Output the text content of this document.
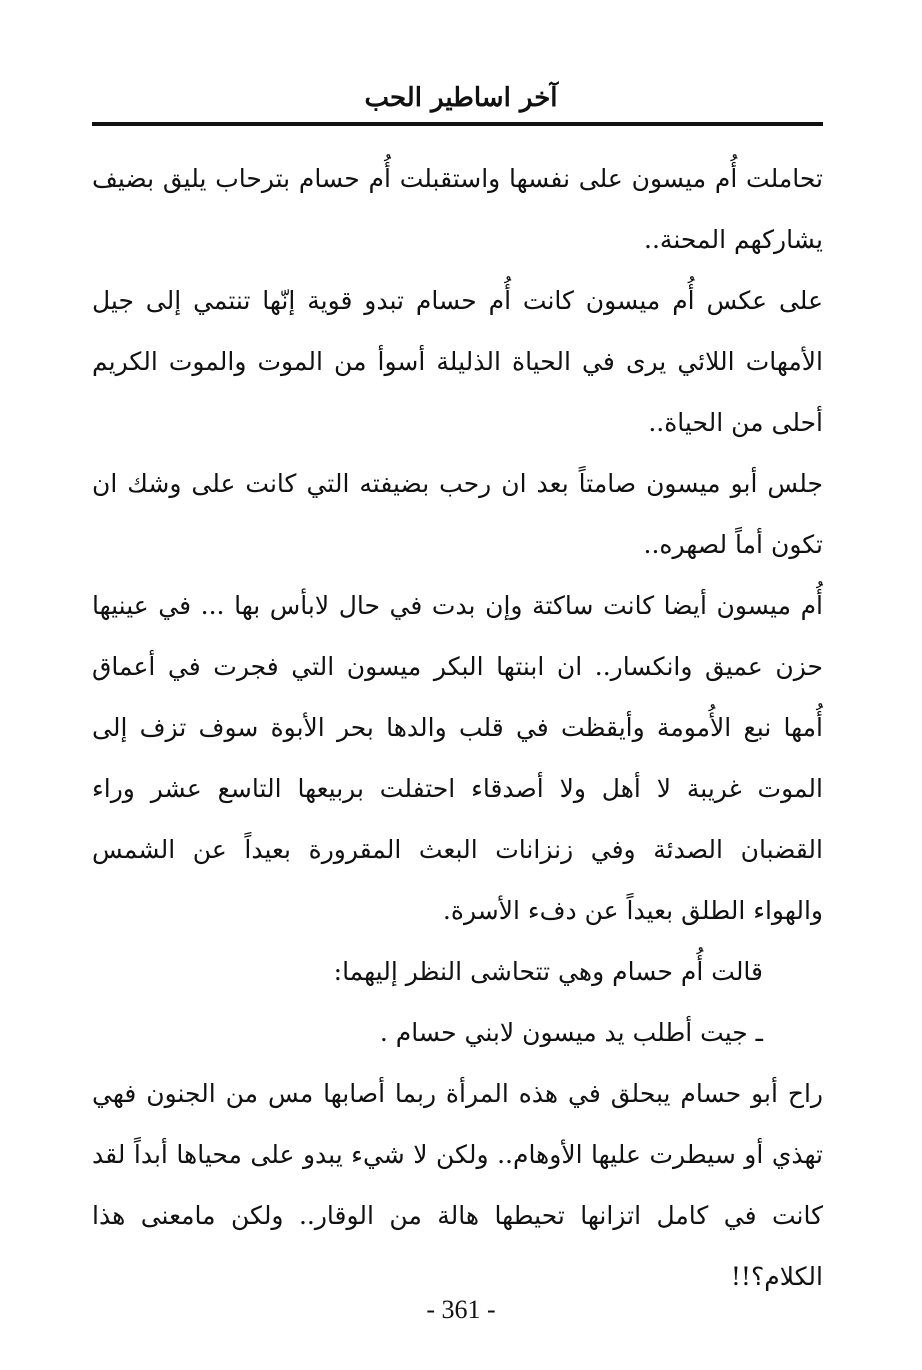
آخر اساطير الحب

تحاملت أُم ميسون على نفسها واستقبلت أُم حسام بترحاب يليق بضيف يشاركهم المحنة..

على عكس أُم ميسون كانت أُم حسام تبدو قوية إنّها تنتمي إلى جيل الأمهات اللائي يرى في الحياة الذليلة أسوأ من الموت والموت الكريم أحلى من الحياة..

جلس أبو ميسون صامتاً بعد ان رحب بضيفته التي كانت على وشك ان تكون أماً لصهره..

أُم ميسون أيضا كانت ساكتة وإن بدت في حال لابأس بها ... في عينيها حزن عميق وانكسار.. ان ابنتها البكر ميسون التي فجرت في أعماق أُمها نبع الأُمومة وأيقظت في قلب والدها بحر الأبوة سوف تزف إلى الموت غريبة لا أهل ولا أصدقاء احتفلت بربيعها التاسع عشر وراء القضبان الصدئة وفي زنزانات البعث المقرورة بعيداً عن الشمس والهواء الطلق بعيداً عن دفء الأسرة.

قالت أُم حسام وهي تتحاشى النظر إليهما:

ـ جيت أطلب يد ميسون لابني حسام .

راح أبو حسام يبحلق في هذه المرأة ربما أصابها مس من الجنون فهي تهذي أو سيطرت عليها الأوهام.. ولكن لا شيء يبدو على محياها أبداً لقد كانت في كامل اتزانها تحيطها هالة من الوقار.. ولكن مامعنى هذا الكلام؟!!

- 361 -
